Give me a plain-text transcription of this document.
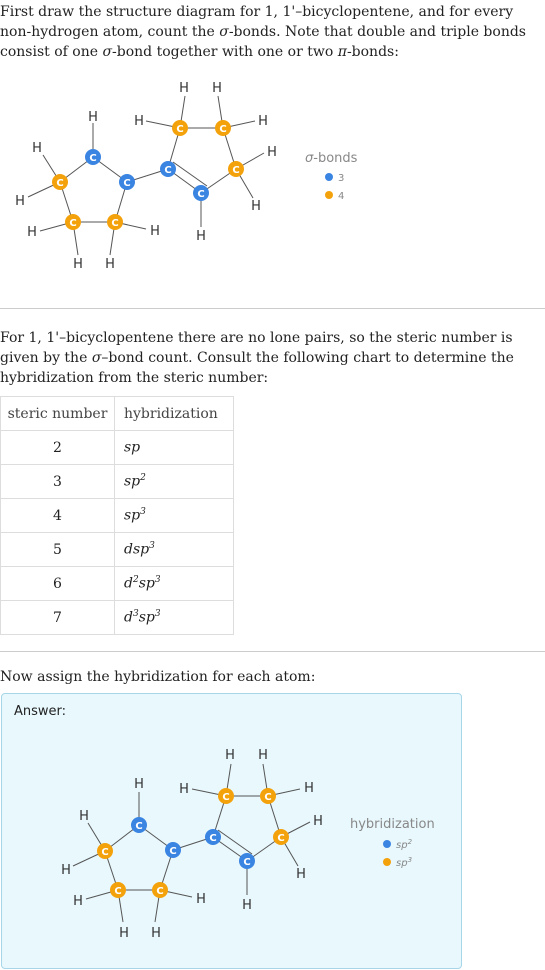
First draw the structure diagram for 1, 1'–bicyclopentene, and for every non-hydrogen atom, count the σ-bonds. Note that double and triple bonds consist of one σ-bond together with one or two π-bonds:
H
H
H
H
H H
H
H
H H
H
H
H
H
C
C	C
C	C
C
C	C
C
C
σ-bonds
3
4
For 1, 1'–bicyclopentene there are no lone pairs, so the steric number is given by the σ–bond count. Consult the following chart to determine the hybridization from the steric number:
steric number	hybridization
2	sp
3	$sp^2$
4	$sp^3$
5	dsp$^3$
6	$d^2sp^3$
7	$d^3sp^3$
Now assign the hybridization for each atom:
Answer:
H
H
H
H
H H
H
H
H H
H
H
H
H
C
C	C
C	C
C
C	C
C
C
hybridization
$sp^2$
$sp^3$
